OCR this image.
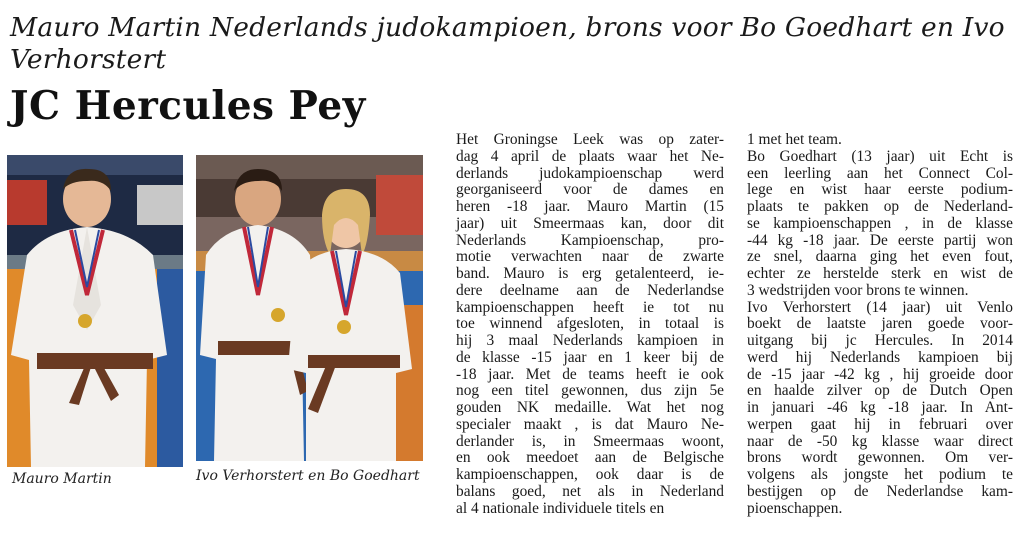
Mauro Martin Nederlands judokampioen, brons voor Bo Goedhart en Ivo Verhorstert
JC Hercules Pey
Mauro Martin	Ivo Verhorstert en Bo Goedhart
Het Groningse Leek was op zater-
dag 4 april de plaats waar het Ne-
derlands judokampioenschap werd
georganiseerd voor de dames en
heren -18 jaar. Mauro Martin (15
jaar) uit Smeermaas kan, door dit
Nederlands Kampioenschap, pro-
motie verwachten naar de zwarte
band. Mauro is erg getalenteerd, ie-
dere deelname aan de Nederlandse
kampioenschappen heeft ie tot nu
toe winnend afgesloten, in totaal is
hij 3 maal Nederlands kampioen in
de klasse -15 jaar en 1 keer bij de
-18 jaar. Met de teams heeft ie ook
nog een titel gewonnen, dus zijn 5e
gouden NK medaille. Wat het nog
specialer maakt , is dat Mauro Ne-
derlander is, in Smeermaas woont,
en ook meedoet aan de Belgische
kampioenschappen, ook daar is de
balans goed, net als in Nederland
al 4 nationale individuele titels en
1 met het team.
Bo Goedhart (13 jaar) uit Echt is
een leerling aan het Connect Col-
lege en wist haar eerste podium-
plaats te pakken op de Nederland-
se kampioenschappen , in de klasse
-44 kg -18 jaar. De eerste partij won
ze snel, daarna ging het even fout,
echter ze herstelde sterk en wist de
3 wedstrijden voor brons te winnen.
Ivo Verhorstert (14 jaar) uit Venlo
boekt de laatste jaren goede voor-
uitgang bij jc Hercules. In 2014
werd hij Nederlands kampioen bij
de -15 jaar -42 kg , hij groeide door
en haalde zilver op de Dutch Open
in januari -46 kg -18 jaar. In Ant-
werpen gaat hij in februari over
naar de -50 kg klasse waar direct
brons wordt gewonnen. Om ver-
volgens als jongste het podium te
bestijgen op de Nederlandse kam-
pioenschappen.
